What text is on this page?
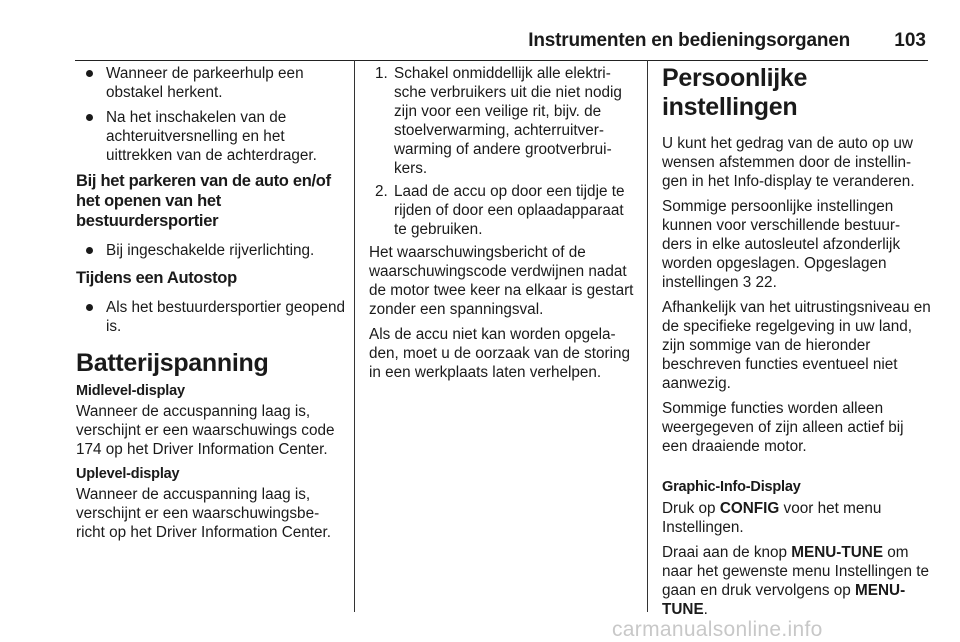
Instrumenten en bedieningsorganen 103
Wanneer de parkeerhulp een obstakel herkent.
Na het inschakelen van de achteruitversnelling en het uittrekken van de achterdrager.
Bij het parkeren van de auto en/of het openen van het bestuurdersportier
Bij ingeschakelde rijverlichting.
Tijdens een Autostop
Als het bestuurdersportier geopend is.
Batterijspanning
Midlevel-display

Wanneer de accuspanning laag is, verschijnt er een waarschuwings code 174 op het Driver Information Center.

Uplevel-display

Wanneer de accuspanning laag is, verschijnt er een waarschuwingsbe‐ richt op het Driver Information Center.

1. Schakel onmiddellijk alle elektri‐ sche verbruikers uit die niet nodig zijn voor een veilige rit, bijv. de stoelverwarming, achterruitver‐ warming of andere grootverbrui‐ kers.
2. Laad de accu op door een tijdje te rijden of door een oplaadapparaat te gebruiken.

Het waarschuwingsbericht of de waarschuwingscode verdwijnen nadat de motor twee keer na elkaar is gestart zonder een spanningsval.

Als de accu niet kan worden opgela‐ den, moet u de oorzaak van de storing in een werkplaats laten verhelpen.

Persoonlijke instellingen

U kunt het gedrag van de auto op uw wensen afstemmen door de instellin‐ gen in het Info-display te veranderen.

Sommige persoonlijke instellingen kunnen voor verschillende bestuur‐ ders in elke autosleutel afzonderlijk worden opgeslagen. Opgeslagen instellingen 3 22.

Afhankelijk van het uitrustingsniveau en de specifieke regelgeving in uw land, zijn sommige van de hieronder beschreven functies eventueel niet aanwezig.

Sommige functies worden alleen weergegeven of zijn alleen actief bij een draaiende motor.

Graphic-Info-Display

Druk op CONFIG voor het menu Instellingen.

Draai aan de knop MENU-TUNE om naar het gewenste menu Instellingen te gaan en druk vervolgens op MENU-TUNE.

carmanualsonline.info
